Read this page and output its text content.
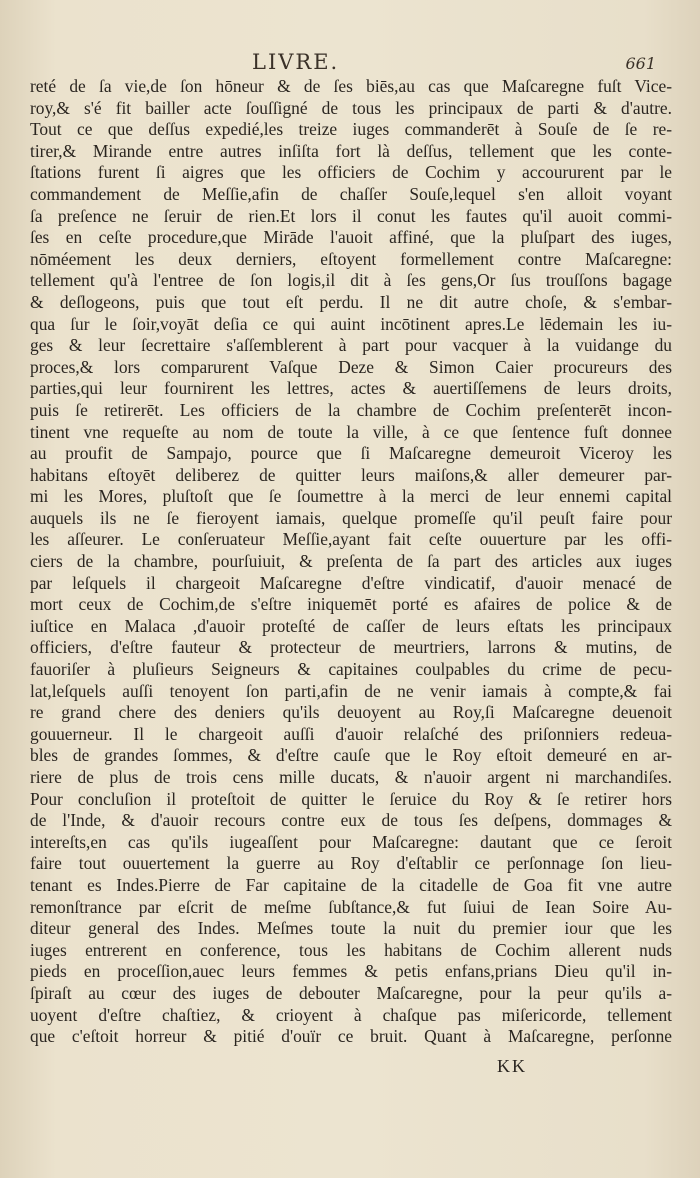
LIVRE.	661
reté de ſa vie,de ſon hōneur & de ſes biēs,au cas que Maſcaregne fuſt Vice-
roy,& s'é fit bailler acte ſouſſigné de tous les principaux de parti & d'autre.
Tout ce que deſſus expedié,les treize iuges commanderēt à Souſe de ſe re-
tirer,& Mirande entre autres inſiſta fort là deſſus, tellement que les conte-
ſtations furent ſi aigres que les officiers de Cochim y accoururent par le
commandement de Meſſie,afin de chaſſer Souſe,lequel s'en alloit voyant
ſa preſence ne ſeruir de rien.Et lors il conut les fautes qu'il auoit commi-
ſes en ceſte procedure,que Mirāde l'auoit affiné, que la pluſpart des iuges,
nōméement les deux derniers, eſtoyent formellement contre Maſcaregne:
tellement qu'à l'entree de ſon logis,il dit à ſes gens,Or ſus trouſſons bagage
& deſlogeons, puis que tout eſt perdu. Il ne dit autre choſe, & s'embar-
qua ſur le ſoir,voyāt deſia ce qui auint incōtinent apres.Le lēdemain les iu-
ges & leur ſecrettaire s'aſſemblerent à part pour vacquer à la vuidange du
proces,& lors comparurent Vaſque Deze & Simon Caier procureurs des
parties,qui leur fournirent les lettres, actes & auertiſſemens de leurs droits,
puis ſe retirerēt. Les officiers de la chambre de Cochim preſenterēt incon-
tinent vne requeſte au nom de toute la ville, à ce que ſentence fuſt donnee
au proufit de Sampajo, pource que ſi Maſcaregne demeuroit Viceroy les
habitans eſtoyēt deliberez de quitter leurs maiſons,& aller demeurer par-
mi les Mores, pluſtoſt que ſe ſoumettre à la merci de leur ennemi capital
auquels ils ne ſe fieroyent iamais, quelque promeſſe qu'il peuſt faire pour
les aſſeurer. Le conſeruateur Meſſie,ayant fait ceſte ouuerture par les offi-
ciers de la chambre, pourſuiuit, & preſenta de ſa part des articles aux iuges
par leſquels il chargeoit Maſcaregne d'eſtre vindicatif, d'auoir menacé de
mort ceux de Cochim,de s'eſtre iniquemēt porté es afaires de police & de
iuſtice en Malaca ,d'auoir proteſté de caſſer de leurs eſtats les principaux
officiers, d'eſtre fauteur & protecteur de meurtriers, larrons & mutins, de
fauoriſer à pluſieurs Seigneurs & capitaines coulpables du crime de pecu-
lat,leſquels auſſi tenoyent ſon parti,afin de ne venir iamais à compte,& fai
re grand chere des deniers qu'ils deuoyent au Roy,ſi Maſcaregne deuenoit
gouuerneur. Il le chargeoit auſſi d'auoir relaſché des priſonniers redeua-
bles de grandes ſommes, & d'eſtre cauſe que le Roy eſtoit demeuré en ar-
riere de plus de trois cens mille ducats, & n'auoir argent ni marchandiſes.
Pour concluſion il proteſtoit de quitter le ſeruice du Roy & ſe retirer hors
de l'Inde, & d'auoir recours contre eux de tous ſes deſpens, dommages &
intereſts,en cas qu'ils iugeaſſent pour Maſcaregne: dautant que ce ſeroit
faire tout ouuertement la guerre au Roy d'eſtablir ce perſonnage ſon lieu-
tenant es Indes.Pierre de Far capitaine de la citadelle de Goa fit vne autre
remonſtrance par eſcrit de meſme ſubſtance,& fut ſuiui de Iean Soire Au-
diteur general des Indes. Meſmes toute la nuit du premier iour que les
iuges entrerent en conference, tous les habitans de Cochim allerent nuds
pieds en proceſſion,auec leurs femmes & petis enfans,prians Dieu qu'il in-
ſpiraſt au cœur des iuges de debouter Maſcaregne, pour la peur qu'ils a-
uoyent d'eſtre chaſtiez, & crioyent à chaſque pas miſericorde, tellement
que c'eſtoit horreur & pitié d'ouïr ce bruit. Quant à Maſcaregne, perſonne
KK
